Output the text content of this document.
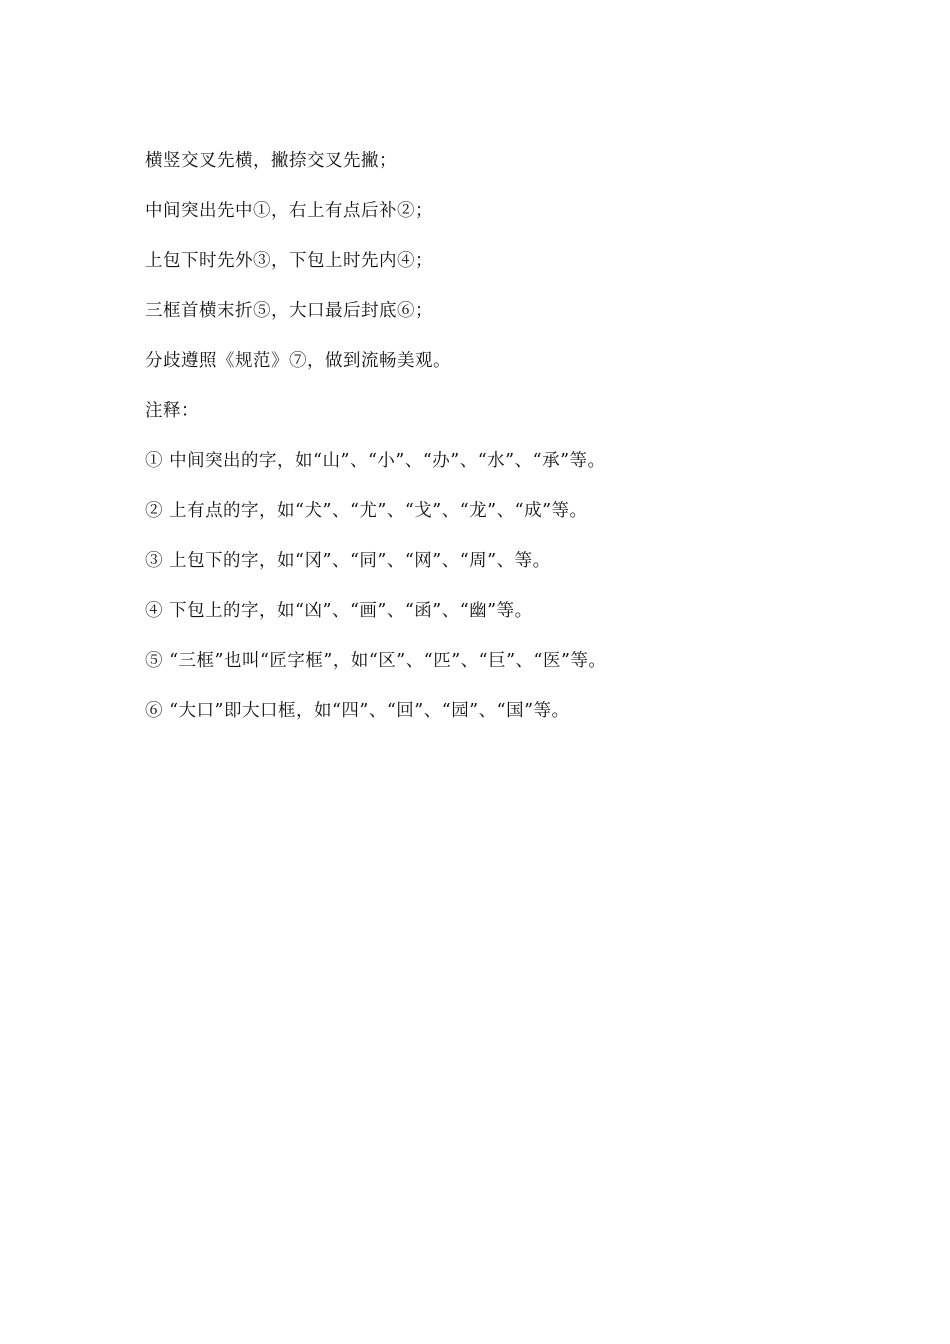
横竖交叉先横，撇捺交叉先撇；
中间突出先中①，右上有点后补②；
上包下时先外③，下包上时先内④；
三框首横末折⑤，大口最后封底⑥；
分歧遵照《规范》⑦，做到流畅美观。
注释：
① 中间突出的字，如“山”、“小”、“办”、“水”、“承”等。
② 上有点的字，如“犬”、“尤”、“戈”、“龙”、“成”等。
③ 上包下的字，如“冈”、“同”、“网”、“周”、等。
④ 下包上的字，如“凶”、“画”、“函”、“幽”等。
⑤ “三框”也叫“匠字框”，如“区”、“匹”、“巨”、“医”等。
⑥ “大口”即大口框，如“四”、“回”、“园”、“国”等。
